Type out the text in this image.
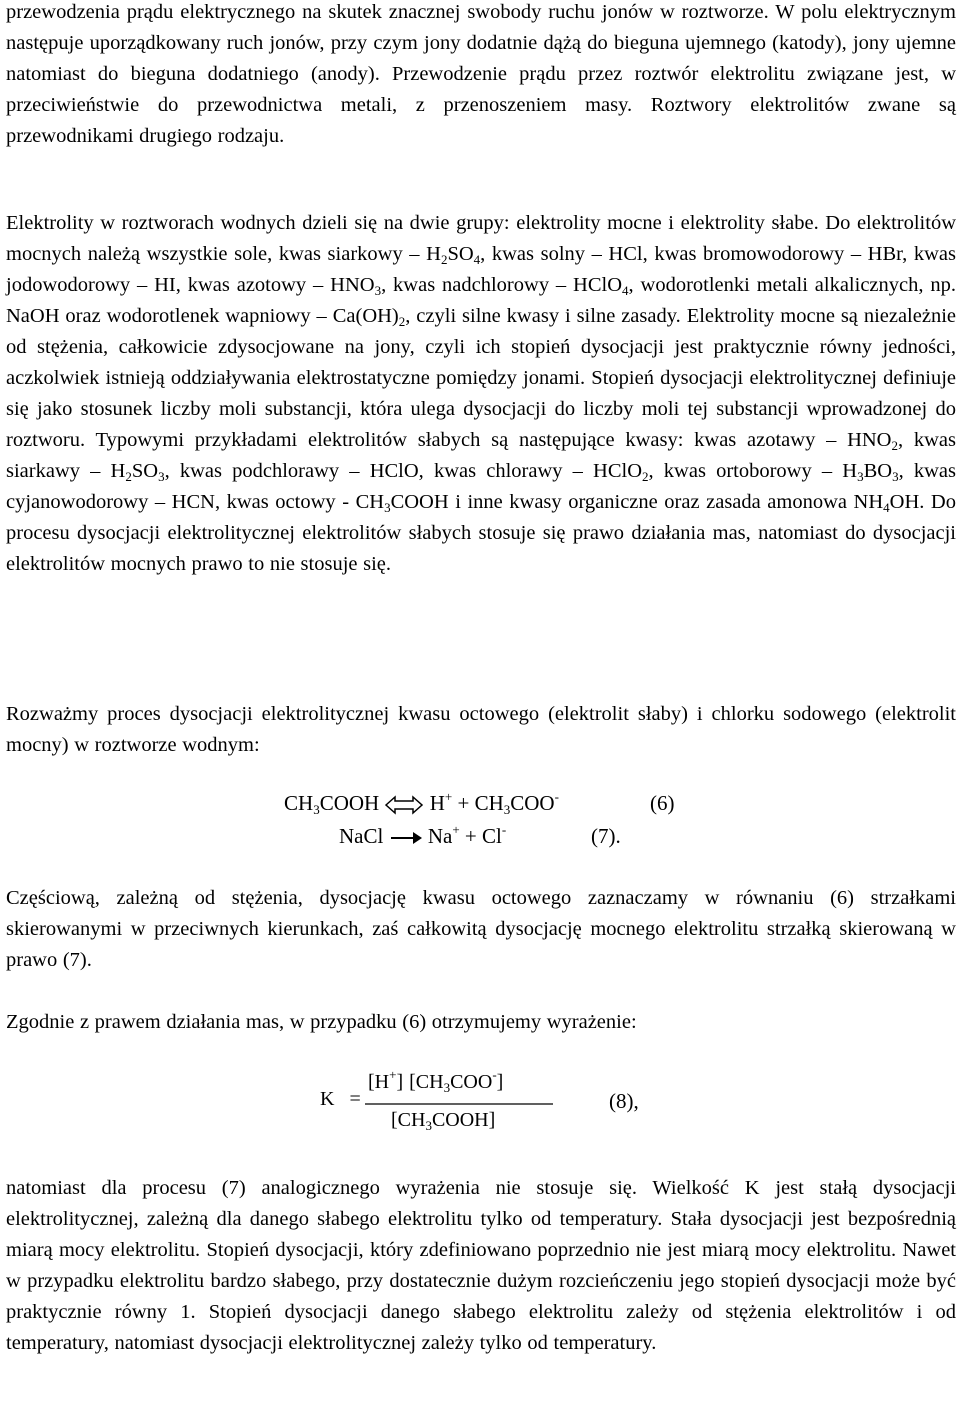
przewodzenia prądu elektrycznego na skutek znacznej swobody ruchu jonów w roztworze. W polu elektrycznym następuje uporządkowany ruch jonów, przy czym jony dodatnie dążą do bieguna ujemnego (katody), jony ujemne natomiast do bieguna dodatniego (anody). Przewodzenie prądu przez roztwór elektrolitu związane jest, w przeciwieństwie do przewodnictwa metali, z przenoszeniem masy. Roztwory elektrolitów zwane są przewodnikami drugiego rodzaju.

Elektrolity w roztworach wodnych dzieli się na dwie grupy: elektrolity mocne i elektrolity słabe. Do elektrolitów mocnych należą wszystkie sole, kwas siarkowy – $H_2SO_4$, kwas solny – HCl, kwas bromowodorowy – HBr, kwas jodowodorowy – HI, kwas azotowy – $HNO_3$, kwas nadchlorowy – HClO$_4$, wodorotlenki metali alkalicznych, np. NaOH oraz wodorotlenek wapniowy – $Ca(OH)_2$, czyli silne kwasy i silne zasady. Elektrolity mocne są niezależnie od stężenia, całkowicie zdysocjowane na jony, czyli ich stopień dysocjacji jest praktycznie równy jedności, aczkolwiek istnieją oddziaływania elektrostatyczne pomiędzy jonami. Stopień dysocjacji elektrolitycznej definiuje się jako stosunek liczby moli substancji, która ulega dysocjacji do liczby moli tej substancji wprowadzonej do roztworu. Typowymi przykładami elektrolitów słabych są następujące kwasy: kwas azotawy – $HNO_2$, kwas siarkawy – $H_2SO_3$, kwas podchlorawy – HClO, kwas chlorawy – HClO$_2$, kwas ortoborowy – $H_3BO_3$, kwas cyjanowodorowy – HCN, kwas octowy - $CH_3COOH$ i inne kwasy organiczne oraz zasada amonowa $NH_4OH$. Do procesu dysocjacji elektrolitycznej elektrolitów słabych stosuje się prawo działania mas, natomiast do dysocjacji elektrolitów mocnych prawo to nie stosuje się.

Rozważmy proces dysocjacji elektrolitycznej kwasu octowego (elektrolit słaby) i chlorku sodowego (elektrolit mocny) w roztworze wodnym:

$CH_3COOH$ $H^+ + CH_3COO^-$	(6)
NaCl Na+ + Cl-	(7).

Częściową, zależną od stężenia, dysocjację kwasu octowego zaznaczamy w równaniu (6) strzałkami skierowanymi w przeciwnych kierunkach, zaś całkowitą dysocjację mocnego elektrolitu strzałką skierowaną w prawo (7).

Zgodnie z prawem działania mas, w przypadku (6) otrzymujemy wyrażenie:

K =
[H+] $[CH_3COO^-]$
$[CH_3COOH]$
(8),

natomiast dla procesu (7) analogicznego wyrażenia nie stosuje się. Wielkość K jest stałą dysocjacji elektrolitycznej, zależną dla danego słabego elektrolitu tylko od temperatury. Stała dysocjacji jest bezpośrednią miarą mocy elektrolitu. Stopień dysocjacji, który zdefiniowano poprzednio nie jest miarą mocy elektrolitu. Nawet w przypadku elektrolitu bardzo słabego, przy dostatecznie dużym rozcieńczeniu jego stopień dysocjacji może być praktycznie równy 1. Stopień dysocjacji danego słabego elektrolitu zależy od stężenia elektrolitów i od temperatury, natomiast dysocjacji elektrolitycznej zależy tylko od temperatury.
